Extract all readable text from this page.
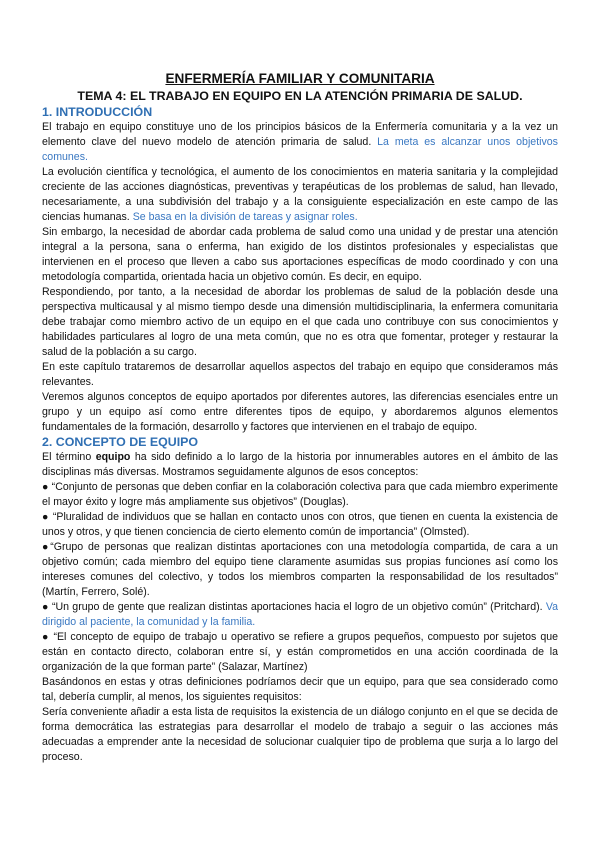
ENFERMERÍA FAMILIAR Y COMUNITARIA
TEMA 4: EL TRABAJO EN EQUIPO EN LA ATENCIÓN PRIMARIA DE SALUD.
1. INTRODUCCIÓN

El trabajo en equipo constituye uno de los principios básicos de la Enfermería comunitaria y a la vez un elemento clave del nuevo modelo de atención primaria de salud. La meta es alcanzar unos objetivos comunes.

La evolución científica y tecnológica, el aumento de los conocimientos en materia sanitaria y la complejidad creciente de las acciones diagnósticas, preventivas y terapéuticas de los problemas de salud, han llevado, necesariamente, a una subdivisión del trabajo y a la consiguiente especialización en este campo de las ciencias humanas. Se basa en la división de tareas y asignar roles.

Sin embargo, la necesidad de abordar cada problema de salud como una unidad y de prestar una atención integral a la persona, sana o enferma, han exigido de los distintos profesionales y especialistas que intervienen en el proceso que lleven a cabo sus aportaciones específicas de modo coordinado y con una metodología compartida, orientada hacia un objetivo común. Es decir, en equipo.

Respondiendo, por tanto, a la necesidad de abordar los problemas de salud de la población desde una perspectiva multicausal y al mismo tiempo desde una dimensión multidisciplinaria, la enfermera comunitaria debe trabajar como miembro activo de un equipo en el que cada uno contribuye con sus conocimientos y habilidades particulares al logro de una meta común, que no es otra que fomentar, proteger y restaurar la salud de la población a su cargo.

En este capítulo trataremos de desarrollar aquellos aspectos del trabajo en equipo que consideramos más relevantes.

Veremos algunos conceptos de equipo aportados por diferentes autores, las diferencias esenciales entre un grupo y un equipo así como entre diferentes tipos de equipo, y abordaremos algunos elementos fundamentales de la formación, desarrollo y factores que intervienen en el trabajo de equipo.

2. CONCEPTO DE EQUIPO

El término equipo ha sido definido a lo largo de la historia por innumerables autores en el ámbito de las disciplinas más diversas. Mostramos seguidamente algunos de esos conceptos:

● “Conjunto de personas que deben confiar en la colaboración colectiva para que cada miembro experimente el mayor éxito y logre más ampliamente sus objetivos” (Douglas).
● “Pluralidad de individuos que se hallan en contacto unos con otros, que tienen en cuenta la existencia de unos y otros, y que tienen conciencia de cierto elemento común de importancia” (Olmsted).
●“Grupo de personas que realizan distintas aportaciones con una metodología compartida, de cara a un objetivo común; cada miembro del equipo tiene claramente asumidas sus propias funciones así como los intereses comunes del colectivo, y todos los miembros comparten la responsabilidad de los resultados” (Martín, Ferrero, Solé).
● “Un grupo de gente que realizan distintas aportaciones hacia el logro de un objetivo común” (Pritchard). Va dirigido al paciente, la comunidad y la familia.
● “El concepto de equipo de trabajo u operativo se refiere a grupos pequeños, compuesto por sujetos que están en contacto directo, colaboran entre sí, y están comprometidos en una acción coordinada de la organización de la que forman parte” (Salazar, Martínez)

Basándonos en estas y otras definiciones podríamos decir que un equipo, para que sea considerado como tal, debería cumplir, al menos, los siguientes requisitos:

Sería conveniente añadir a esta lista de requisitos la existencia de un diálogo conjunto en el que se decida de forma democrática las estrategias para desarrollar el modelo de trabajo a seguir o las acciones más adecuadas a emprender ante la necesidad de solucionar cualquier tipo de problema que surja a lo largo del proceso.
